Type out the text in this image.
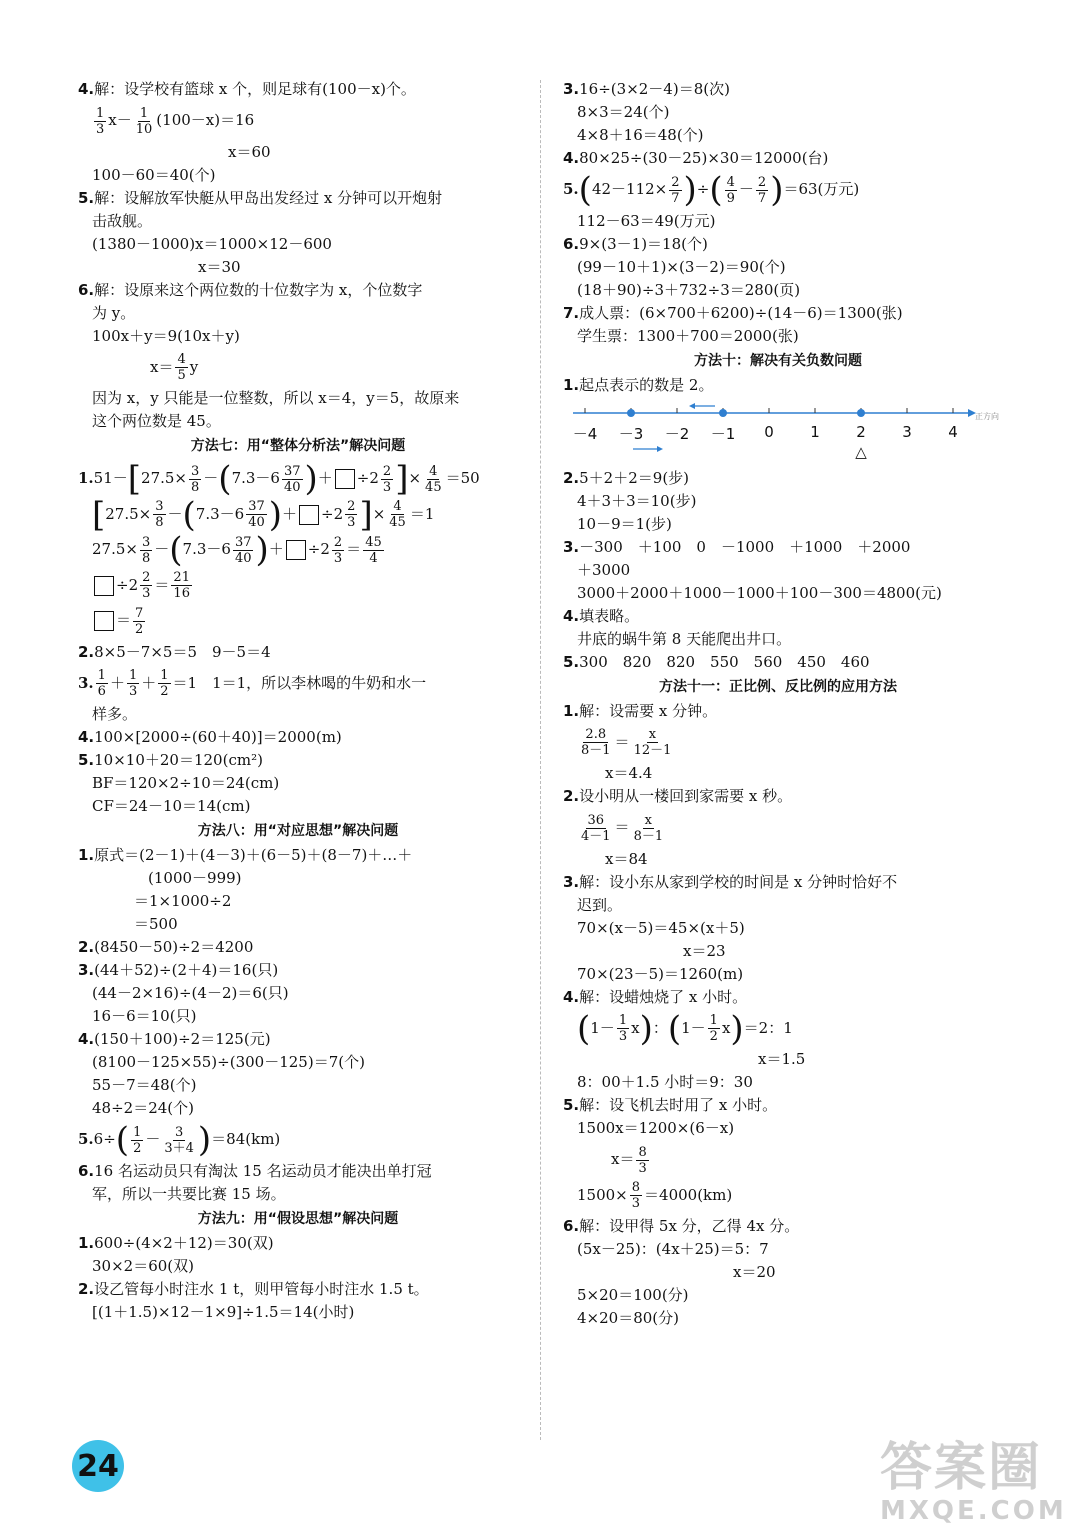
4.解：设学校有篮球 x 个，则足球有(100－x)个。
$\frac{1}{3} x- \frac{1}{10} (100-x)=16$
x＝60
100－60＝40(个)
5.解：设解放军快艇从甲岛出发经过 x 分钟可以开炮射
击敌舰。
(1380－1000)x＝1000×12－600
x＝30
6.解：设原来这个两位数的十位数字为 x，个位数字
为 y。
100x＋y＝9(10x＋y)
$x= \frac{4}{5}$ y
因为 x，y 只能是一位整数，所以 x＝4，y＝5，故原来
这个两位数是 45。
方法七：用“整体分析法”解决问题
$1.51-[27.5\times \frac{3}{8} -(7.3-6 \frac{37}{40}$ )＋ $\div 2 \frac{2}{3}$ ]× $\frac{4}{45} =50$
[$27.5\times \frac{3}{8} -(7.3-6 \frac{37}{40}$ )＋ $\div 2 \frac{2}{3}$ ]× $\frac{4}{45} =1$
$27.5\times \frac{3}{8} -(7.3-6 \frac{37}{40}$ )＋ $\div 2 \frac{2}{3} = \frac{45}{4}$
$\div 2 \frac{2}{3} = \frac{21}{16}$
＝ $\frac{7}{2}$
2.8×5－7×5＝5　9－5＝4
3. $\frac{1}{6} + \frac{1}{3} + \frac{1}{2} =1$　1＝1，所以李林喝的牛奶和水一
样多。
4.100×[2000÷(60＋40)]＝2000(m)
5.10×10＋20＝120(cm²)
BF＝120×2÷10＝24(cm)
CF＝24－10＝14(cm)
方法八：用“对应思想”解决问题
1.原式＝(2－1)＋(4－3)＋(6－5)＋(8－7)＋…＋
(1000－999)
＝1×1000÷2
＝500
2.(8450－50)÷2＝4200
3.(44＋52)÷(2＋4)＝16(只)
(44－2×16)÷(4－2)＝6(只)
16－6＝10(只)
4.(150＋100)÷2＝125(元)
(8100－125×55)÷(300－125)＝7(个)
55－7＝48(个)
48÷2＝24(个)
$5.6\div( \frac{1}{2} - \frac{3}{3+4} )=84(km)$
6.16 名运动员只有淘汰 15 名运动员才能决出单打冠
军，所以一共要比赛 15 场。
方法九：用“假设思想”解决问题
1.600÷(4×2＋12)＝30(双)
30×2＝60(双)
2.设乙管每小时注水 1 t，则甲管每小时注水 1.5 t。
[(1＋1.5)×12－1×9]÷1.5＝14(小时)
3.16÷(3×2－4)＝8(次)
8×3＝24(个)
4×8＋16＝48(个)
4.80×25÷(30－25)×30＝12000(台)
$5.(42-112\times \frac{2}{7}$ )÷( $\frac{4}{9} - \frac{2}{7} )=63$(万元)
112－63＝49(万元)
6.9×(3－1)＝18(个)
(99－10＋1)×(3－2)＝90(个)
(18＋90)÷3＋732÷3＝280(页)
7.成人票：(6×700＋6200)÷(14－6)＝1300(张)
学生票：1300＋700＝2000(张)
方法十：解决有关负数问题
1.起点表示的数是 2。
△
正方向
－4 －3 －2 －1 0 1 2 3 4
2.5＋2＋2＝9(步)
4＋3＋3＝10(步)
10－9＝1(步)
3.－300　＋100　0　－1000　＋1000　＋2000
＋3000
3000＋2000＋1000－1000＋100－300＝4800(元)
4.填表略。
井底的蜗牛第 8 天能爬出井口。
5.300　820　820　550　560　450　460
方法十一：正比例、反比例的应用方法
1.解：设需要 x 分钟。
$\frac{2.8}{8-1} = \frac{x}{12-1}$
x＝4.4
2.设小明从一楼回到家需要 x 秒。
$\frac{36}{4-1} = \frac{x}{8-1}$
x＝84
3.解：设小东从家到学校的时间是 x 分钟时恰好不
迟到。
70×(x－5)＝45×(x＋5)
x＝23
70×(23－5)＝1260(m)
4.解：设蜡烛烧了 x 小时。
$(1- \frac{1}{3} x)$：$(1- \frac{1}{2} x)=2$：1
x＝1.5
8：00＋1.5 小时＝9：30
5.解：设飞机去时用了 x 小时。
1500x＝1200×(6－x)
$x= \frac{8}{3}$
$1500\times \frac{8}{3} =4000(km)$
6.解：设甲得 5x 分，乙得 4x 分。
(5x－25)：(4x＋25)＝5：7
x＝20
5×20＝100(分)
4×20＝80(分)
24	答案圈
MXQE.COM
